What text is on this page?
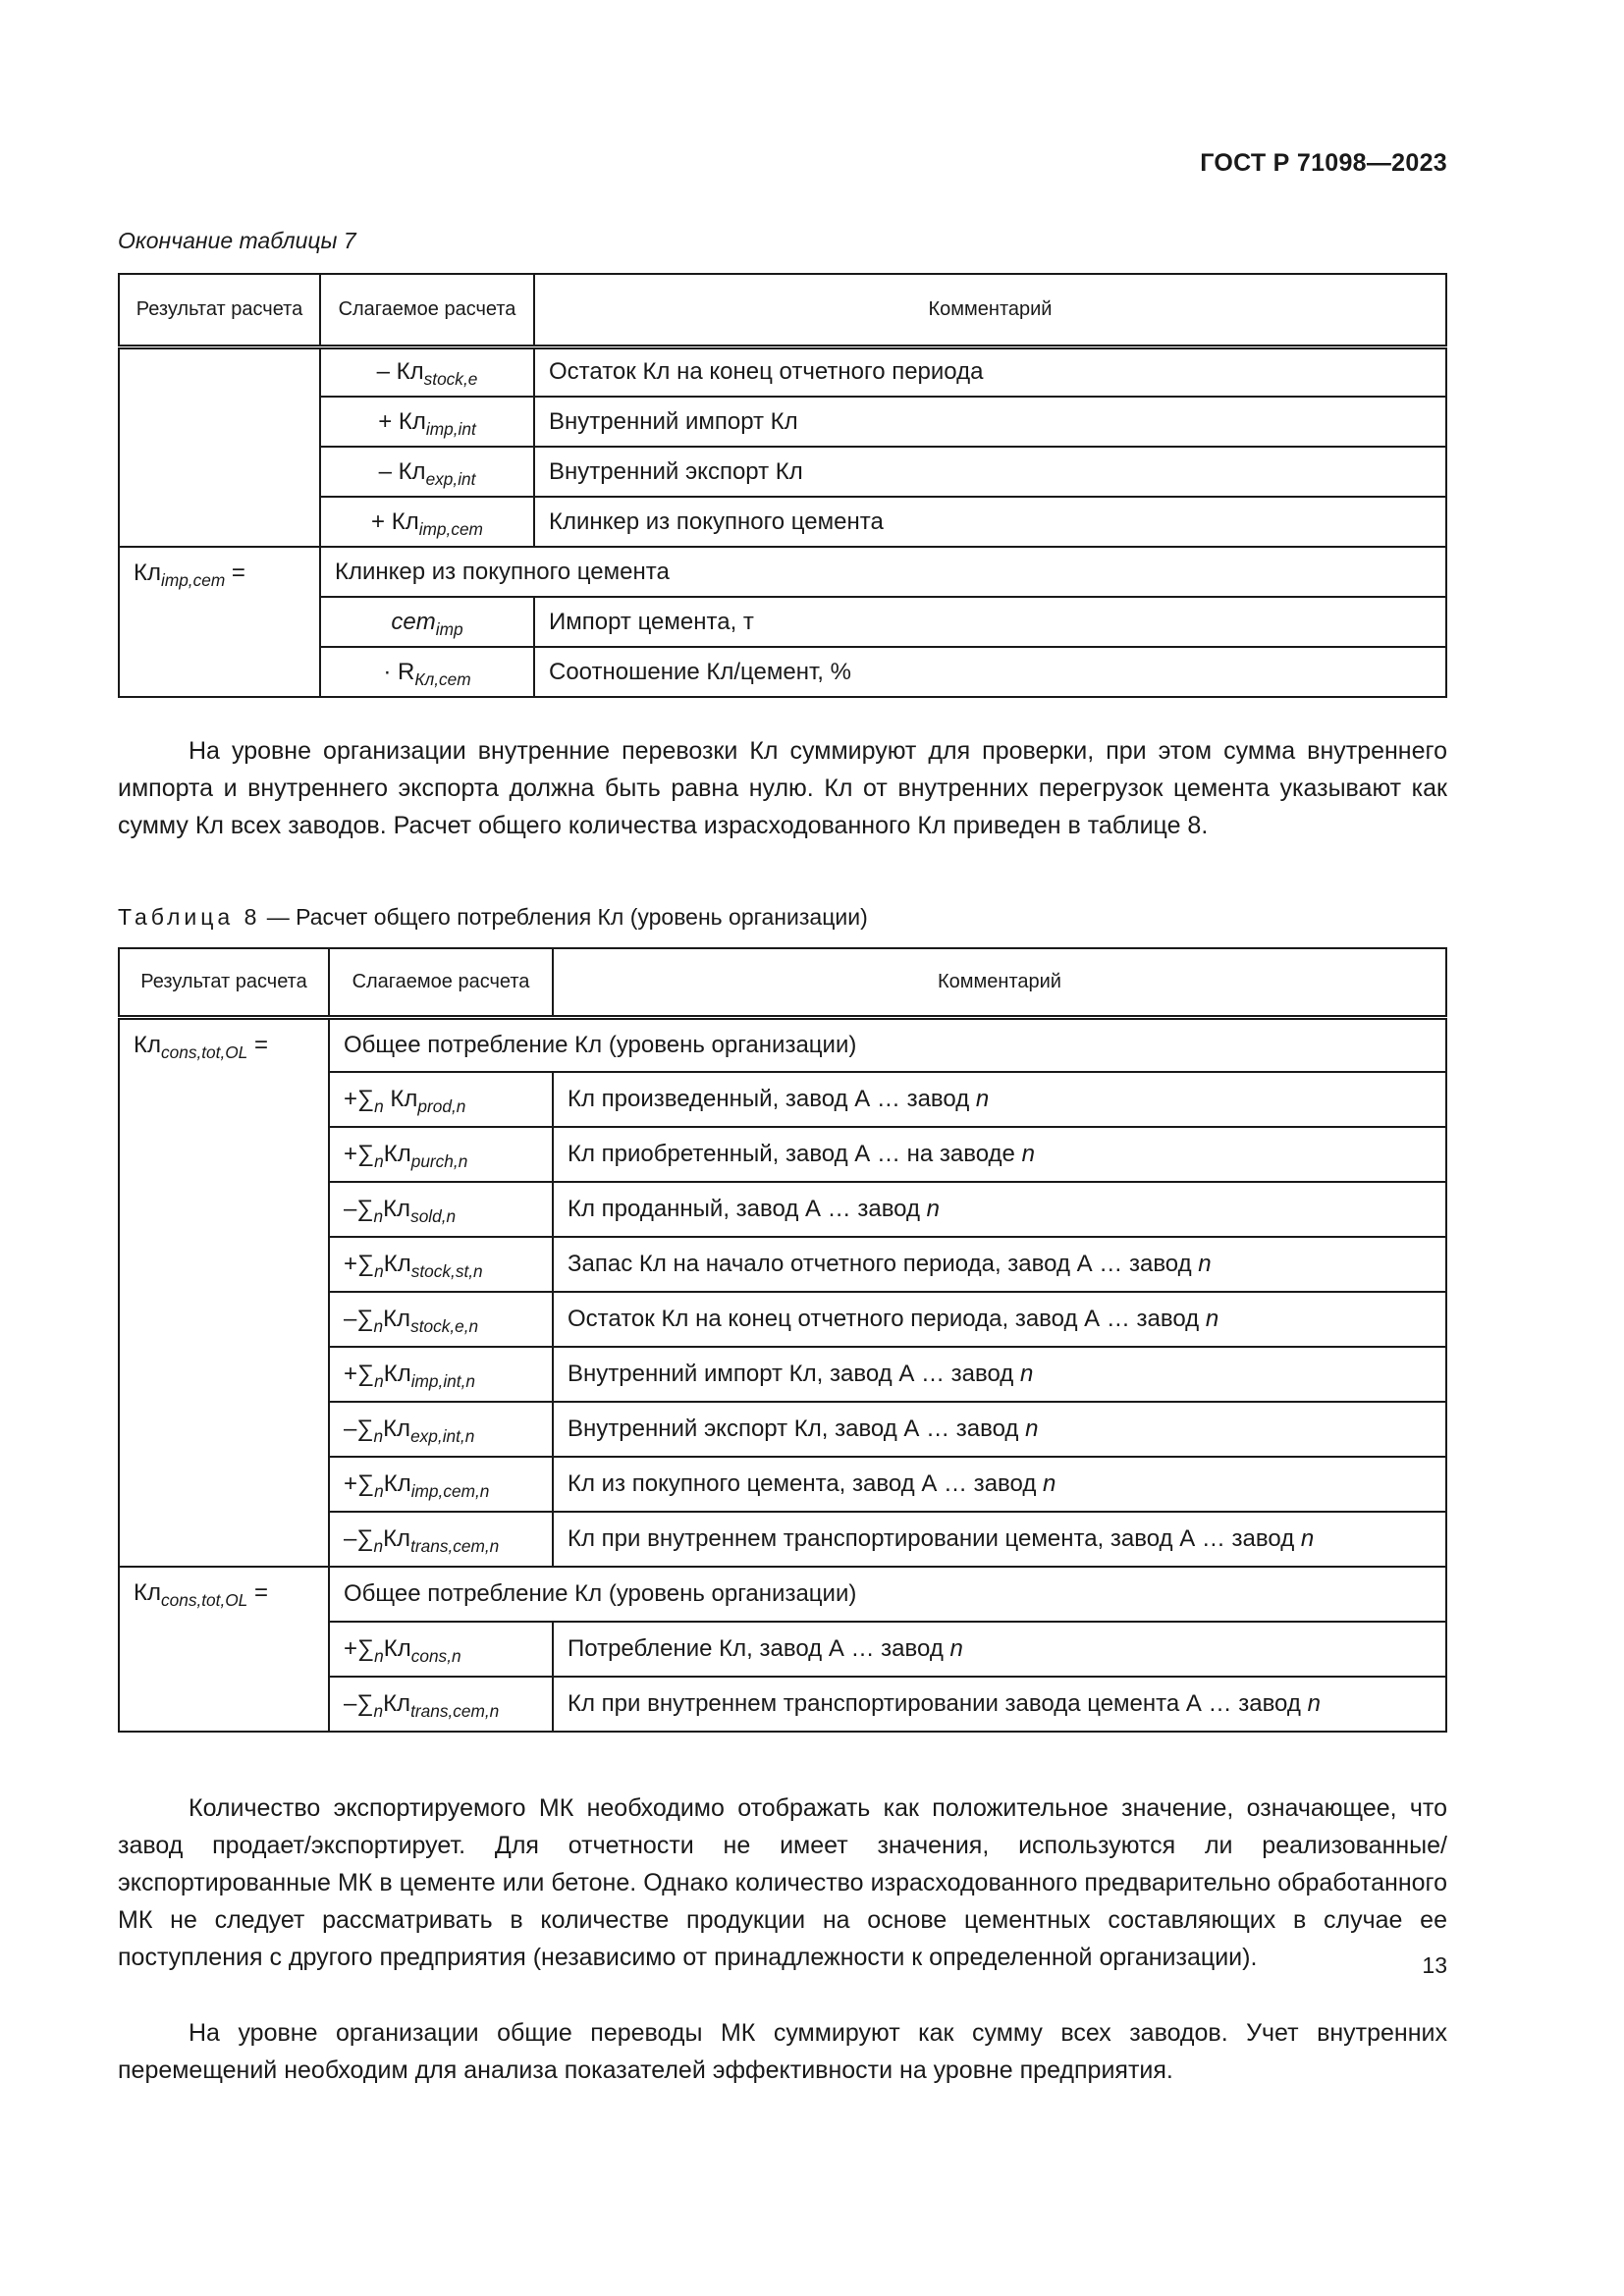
ГОСТ Р 71098—2023
Окончание таблицы 7
Результат расчета	Слагаемое расчета	Комментарий
	– $Кл_{stock,e}$	Остаток Кл на конец отчетного периода
	+ $Кл_{imp,int}$	Внутренний импорт Кл
	– $Кл_{exp,int}$	Внутренний экспорт Кл
	+ $Кл_{imp,cem}$	Клинкер из покупного цемента
$Кл_{imp,cem}$ =	Клинкер из покупного цемента	
	cem$_{imp}$	Импорт цемента, т
	· $R_{Кл,cem}$	Соотношение Кл/цемент, %

На уровне организации внутренние перевозки Кл суммируют для проверки, при этом сумма внутреннего импорта и внутреннего экспорта должна быть равна нулю. Кл от внутренних перегрузок цемента указывают как сумму Кл всех заводов. Расчет общего количества израсходованного Кл приведен в таблице 8.

Таблица 8 — Расчет общего потребления Кл (уровень организации)
Результат расчета	Слагаемое расчета	Комментарий
$Кл_{cons,tot,OL}$ =	Общее потребление Кл (уровень организации)	
	$+\sum_n$ $Кл_{prod,n}$	Кл произведенный, завод А … завод n
	$+\sum_nКл_{purch,n}$	Кл приобретенный, завод А … на заводе n
	$-\sum_nКл_{sold,n}$	Кл проданный, завод А … завод n
	$+\sum_nКл_{stock,st,n}$	Запас Кл на начало отчетного периода, завод А … завод n
	$-\sum_nКл_{stock,e,n}$	Остаток Кл на конец отчетного периода, завод А … завод n
	$+\sum_nКл_{imp,int,n}$	Внутренний импорт Кл, завод А … завод n
	$-\sum_nКл_{exp,int,n}$	Внутренний экспорт Кл, завод А … завод n
	$+\sum_nКл_{imp,cem,n}$	Кл из покупного цемента, завод А … завод n
	$-\sum_nКл_{trans,cem,n}$	Кл при внутреннем транспортировании цемента, завод А … завод n
$Кл_{cons,tot,OL}$ =	Общее потребление Кл (уровень организации)	
	$+\sum_nКл_{cons,n}$	Потребление Кл, завод А … завод n
	$-\sum_nКл_{trans,cem,n}$	Кл при внутреннем транспортировании завода цемента А … завод n

Количество экспортируемого МК необходимо отображать как положительное значение, означающее, что завод продает/экспортирует. Для отчетности не имеет значения, используются ли реализованные/экспортированные МК в цементе или бетоне. Однако количество израсходованного предварительно обработанного МК не следует рассматривать в количестве продукции на основе цементных составляющих в случае ее поступления с другого предприятия (независимо от принадлежности к определенной организации).

На уровне организации общие переводы МК суммируют как сумму всех заводов. Учет внутренних перемещений необходим для анализа показателей эффективности на уровне предприятия.

13
